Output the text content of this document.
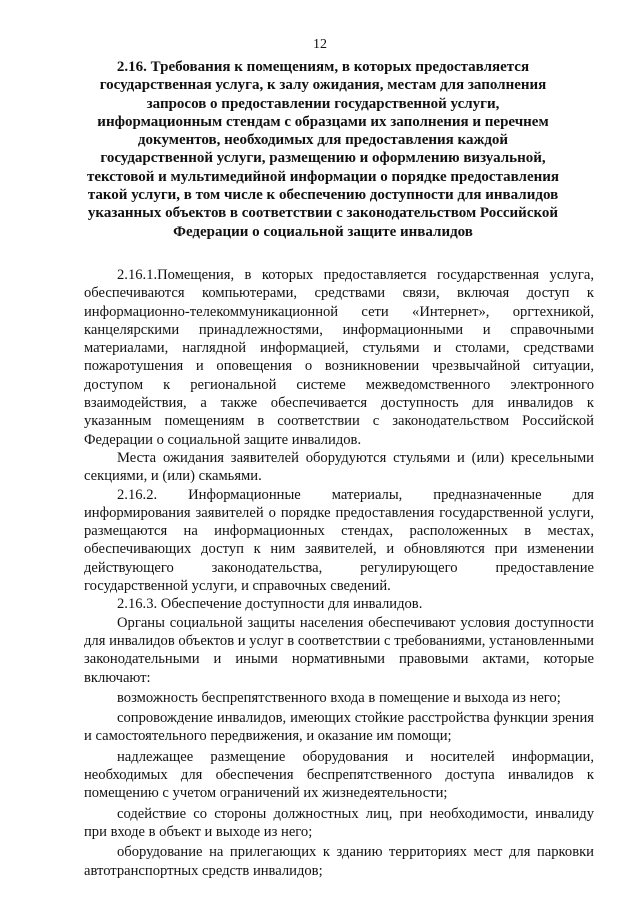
12
2.16. Требования к помещениям, в которых предоставляется государственная услуга, к залу ожидания, местам для заполнения запросов о предоставлении государственной услуги, информационным стендам с образцами их заполнения и перечнем документов, необходимых для предоставления каждой государственной услуги, размещению и оформлению визуальной, текстовой и мультимедийной информации о порядке предоставления такой услуги, в том числе к обеспечению доступности для инвалидов указанных объектов в соответствии с законодательством Российской Федерации о социальной защите инвалидов

2.16.1.Помещения, в которых предоставляется государственная услуга, обеспечиваются компьютерами, средствами связи, включая доступ к информационно-телекоммуникационной сети «Интернет», оргтехникой, канцелярскими принадлежностями, информационными и справочными материалами, наглядной информацией, стульями и столами, средствами пожаротушения и оповещения о возникновении чрезвычайной ситуации, доступом к региональной системе межведомственного электронного взаимодействия, а также обеспечивается доступность для инвалидов к указанным помещениям в соответствии с законодательством Российской Федерации о социальной защите инвалидов.

Места ожидания заявителей оборудуются стульями и (или) кресельными секциями, и (или) скамьями.

2.16.2. Информационные материалы, предназначенные для информирования заявителей о порядке предоставления государственной услуги, размещаются на информационных стендах, расположенных в местах, обеспечивающих доступ к ним заявителей, и обновляются при изменении действующего законодательства, регулирующего предоставление государственной услуги, и справочных сведений.

2.16.3. Обеспечение доступности для инвалидов.

Органы социальной защиты населения обеспечивают условия доступности для инвалидов объектов и услуг в соответствии с требованиями, установленными законодательными и иными нормативными правовыми актами, которые включают:

возможность беспрепятственного входа в помещение и выхода из него;

сопровождение инвалидов, имеющих стойкие расстройства функции зрения и самостоятельного передвижения, и оказание им помощи;

надлежащее размещение оборудования и носителей информации, необходимых для обеспечения беспрепятственного доступа инвалидов к помещению с учетом ограничений их жизнедеятельности;

содействие со стороны должностных лиц, при необходимости, инвалиду при входе в объект и выходе из него;

оборудование на прилегающих к зданию территориях мест для парковки автотранспортных средств инвалидов;
